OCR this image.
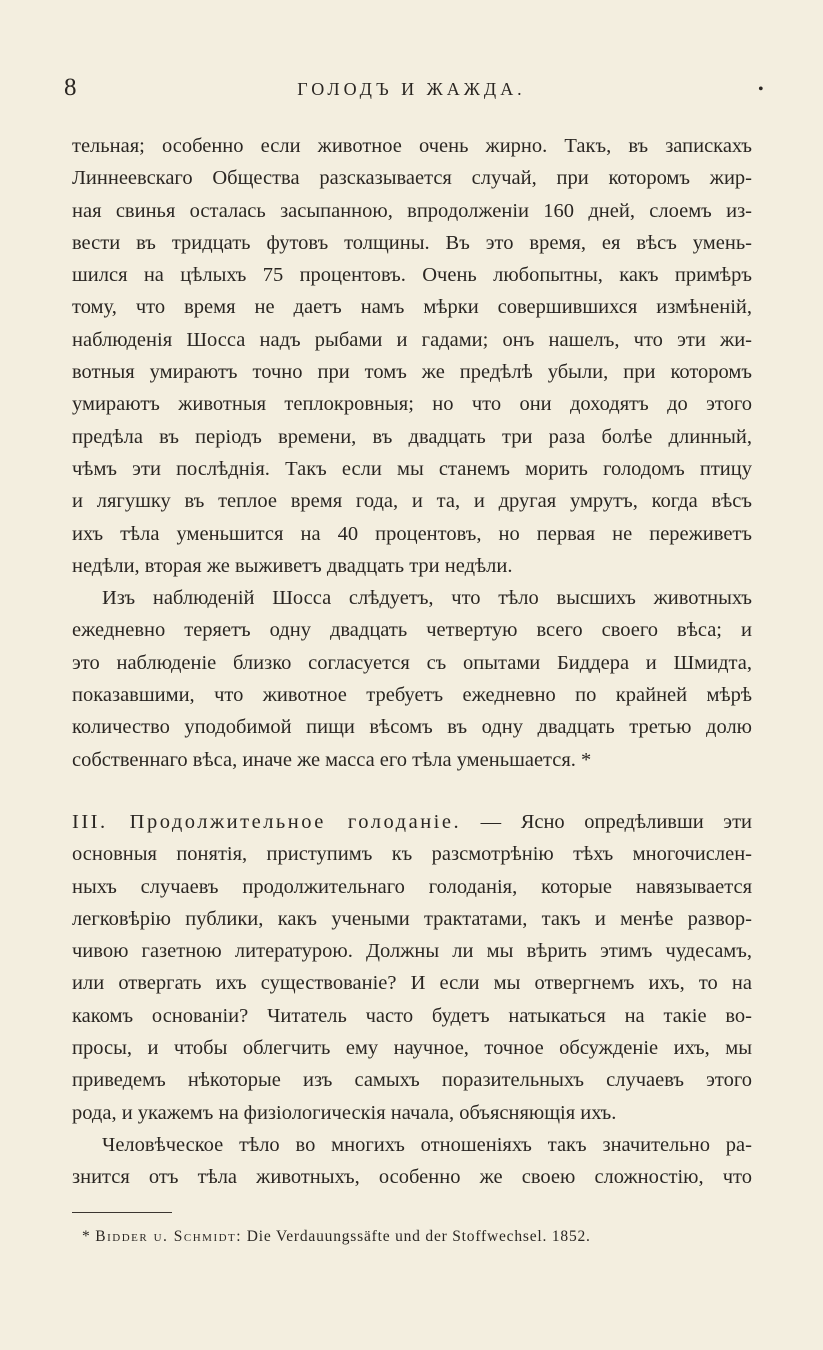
8	ГОЛОДЪ И ЖАЖДА.	•
тельная; особенно если животное очень жирно. Такъ, въ запискахъ
Линнеевскаго Общества разсказывается случай, при которомъ жир-
ная свинья осталась засыпанною, впродолженіи 160 дней, слоемъ из-
вести въ тридцать футовъ толщины. Въ это время, ея вѣсъ умень-
шился на цѣлыхъ 75 процентовъ. Очень любопытны, какъ примѣръ
тому, что время не даетъ намъ мѣрки совершившихся измѣненій,
наблюденія Шосса надъ рыбами и гадами; онъ нашелъ, что эти жи-
вотныя умираютъ точно при томъ же предѣлѣ убыли, при которомъ
умираютъ животныя теплокровныя; но что они доходятъ до этого
предѣла въ періодъ времени, въ двадцать три раза болѣе длинный,
чѣмъ эти послѣднія. Такъ если мы станемъ морить голодомъ птицу
и лягушку въ теплое время года, и та, и другая умрутъ, когда вѣсъ
ихъ тѣла уменьшится на 40 процентовъ, но первая не переживетъ
недѣли, вторая же выживетъ двадцать три недѣли.
Изъ наблюденій Шосса слѣдуетъ, что тѣло высшихъ животныхъ
ежедневно теряетъ одну двадцать четвертую всего своего вѣса; и
это наблюденіе близко согласуется съ опытами Биддера и Шмидта,
показавшими, что животное требуетъ ежедневно по крайней мѣрѣ
количество уподобимой пищи вѣсомъ въ одну двадцать третью долю
собственнаго вѣса, иначе же масса его тѣла уменьшается. *
III. Продолжительное голоданіе. — Ясно опредѣливши эти
основныя понятія, приступимъ къ разсмотрѣнію тѣхъ многочислен-
ныхъ случаевъ продолжительнаго голоданія, которые навязывается
легковѣрію публики, какъ учеными трактатами, такъ и менѣе развор-
чивою газетною литературою. Должны ли мы вѣрить этимъ чудесамъ,
или отвергать ихъ существованіе? И если мы отвергнемъ ихъ, то на
какомъ основаніи? Читатель часто будетъ натыкаться на такіе во-
просы, и чтобы облегчить ему научное, точное обсужденіе ихъ, мы
приведемъ нѣкоторые изъ самыхъ поразительныхъ случаевъ этого
рода, и укажемъ на физіологическія начала, объясняющія ихъ.
Человѣческое тѣло во многихъ отношеніяхъ такъ значительно ра-
знится отъ тѣла животныхъ, особенно же своею сложностію, что
* Bidder u. Schmidt: Die Verdauungssäfte und der Stoffwechsel. 1852.
